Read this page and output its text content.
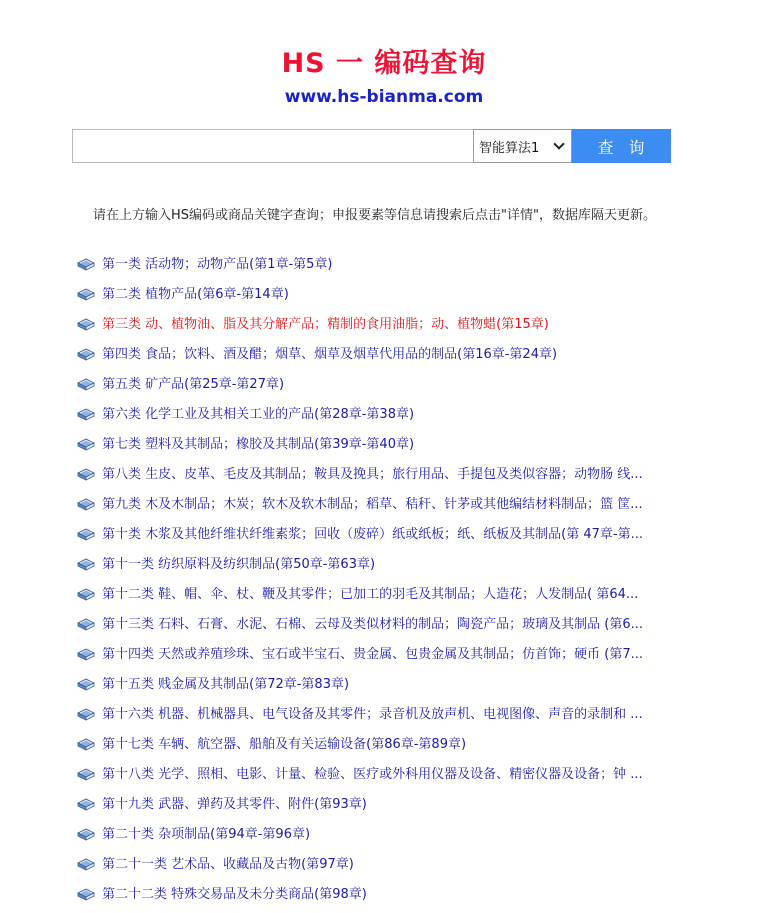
HS 一 编码查询
www.hs-bianma.com
智能算法1	查 询
请在上方输入HS编码或商品关键字查询；申报要素等信息请搜索后点击"详情"，数据库隔天更新。
第一类 活动物；动物产品(第1章-第5章)
第二类 植物产品(第6章-第14章)
第三类 动、植物油、脂及其分解产品；精制的食用油脂；动、植物蜡(第15章)
第四类 食品；饮料、酒及醋；烟草、烟草及烟草代用品的制品(第16章-第24章)
第五类 矿产品(第25章-第27章)
第六类 化学工业及其相关工业的产品(第28章-第38章)
第七类 塑料及其制品；橡胶及其制品(第39章-第40章)
第八类 生皮、皮革、毛皮及其制品；鞍具及挽具；旅行用品、手提包及类似容器；动物肠 线...
第九类 木及木制品；木炭；软木及软木制品；稻草、秸秆、针茅或其他编结材料制品；篮 筐...
第十类 木浆及其他纤维状纤维素浆；回收（废碎）纸或纸板；纸、纸板及其制品(第 47章-第...
第十一类 纺织原料及纺织制品(第50章-第63章)
第十二类 鞋、帽、伞、杖、鞭及其零件；已加工的羽毛及其制品；人造花；人发制品( 第64...
第十三类 石料、石膏、水泥、石棉、云母及类似材料的制品；陶瓷产品；玻璃及其制品 (第6...
第十四类 天然或养殖珍珠、宝石或半宝石、贵金属、包贵金属及其制品；仿首饰；硬币 (第7...
第十五类 贱金属及其制品(第72章-第83章)
第十六类 机器、机械器具、电气设备及其零件；录音机及放声机、电视图像、声音的录制和 ...
第十七类 车辆、航空器、船舶及有关运输设备(第86章-第89章)
第十八类 光学、照相、电影、计量、检验、医疗或外科用仪器及设备、精密仪器及设备；钟 ...
第十九类 武器、弹药及其零件、附件(第93章)
第二十类 杂项制品(第94章-第96章)
第二十一类 艺术品、收藏品及古物(第97章)
第二十二类 特殊交易品及未分类商品(第98章)
